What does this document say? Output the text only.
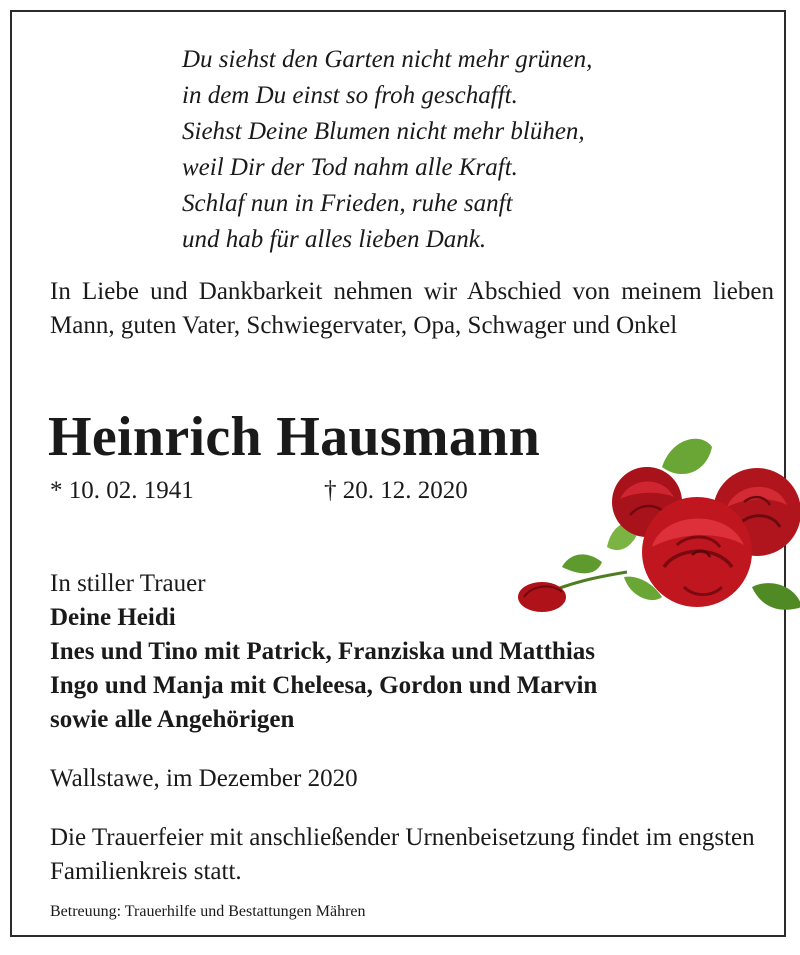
Du siehst den Garten nicht mehr grünen,
in dem Du einst so froh geschafft.
Siehst Deine Blumen nicht mehr blühen,
weil Dir der Tod nahm alle Kraft.
Schlaf nun in Frieden, ruhe sanft
und hab für alles lieben Dank.
In Liebe und Dankbarkeit nehmen wir Abschied von meinem lieben Mann, guten Vater, Schwiegervater, Opa, Schwager und Onkel
Heinrich Hausmann
* 10. 02. 1941	† 20. 12. 2020
In stiller Trauer
Deine Heidi
Ines und Tino mit Patrick, Franziska und Matthias
Ingo und Manja mit Cheleesa, Gordon und Marvin
sowie alle Angehörigen
Wallstawe, im Dezember 2020
Die Trauerfeier mit anschließender Urnenbeisetzung findet im engsten Familienkreis statt.
Betreuung: Trauerhilfe und Bestattungen Mähren
